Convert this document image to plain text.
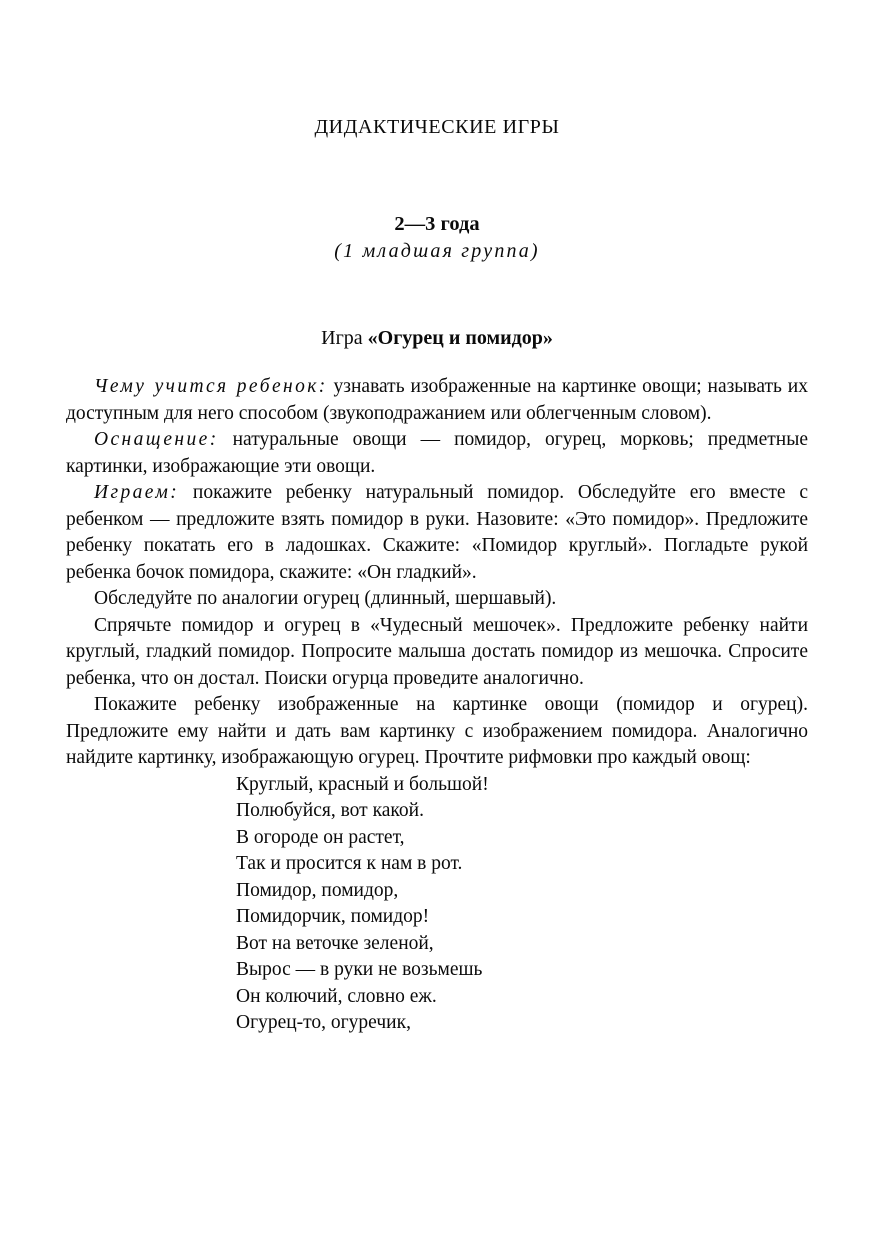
ДИДАКТИЧЕСКИЕ ИГРЫ
2—3 года
(1 младшая группа)
Игра «Огурец и помидор»

Чему учится ребенок: узнавать изображенные на картинке овощи; называть их доступным для него способом (звукоподражанием или облегченным словом).

Оснащение: натуральные овощи — помидор, огурец, морковь; предметные картинки, изображающие эти овощи.

Играем: покажите ребенку натуральный помидор. Обследуйте его вместе с ребенком — предложите взять помидор в руки. Назовите: «Это помидор». Предложите ребенку покатать его в ладошках. Скажите: «Помидор круглый». Погладьте рукой ребенка бочок помидора, скажите: «Он гладкий».

Обследуйте по аналогии огурец (длинный, шершавый).

Спрячьте помидор и огурец в «Чудесный мешочек». Предложите ребенку найти круглый, гладкий помидор. Попросите малыша достать помидор из мешочка. Спросите ребенка, что он достал. Поиски огурца проведите аналогично.

Покажите ребенку изображенные на картинке овощи (помидор и огурец). Предложите ему найти и дать вам картинку с изображением помидора. Аналогично найдите картинку, изображающую огурец. Прочтите рифмовки про каждый овощ:

Круглый, красный и большой!
Полюбуйся, вот какой.
В огороде он растет,
Так и просится к нам в рот.
Помидор, помидор,
Помидорчик, помидор!
Вот на веточке зеленой,
Вырос — в руки не возьмешь
Он колючий, словно еж.
Огурец-то, огуречик,
